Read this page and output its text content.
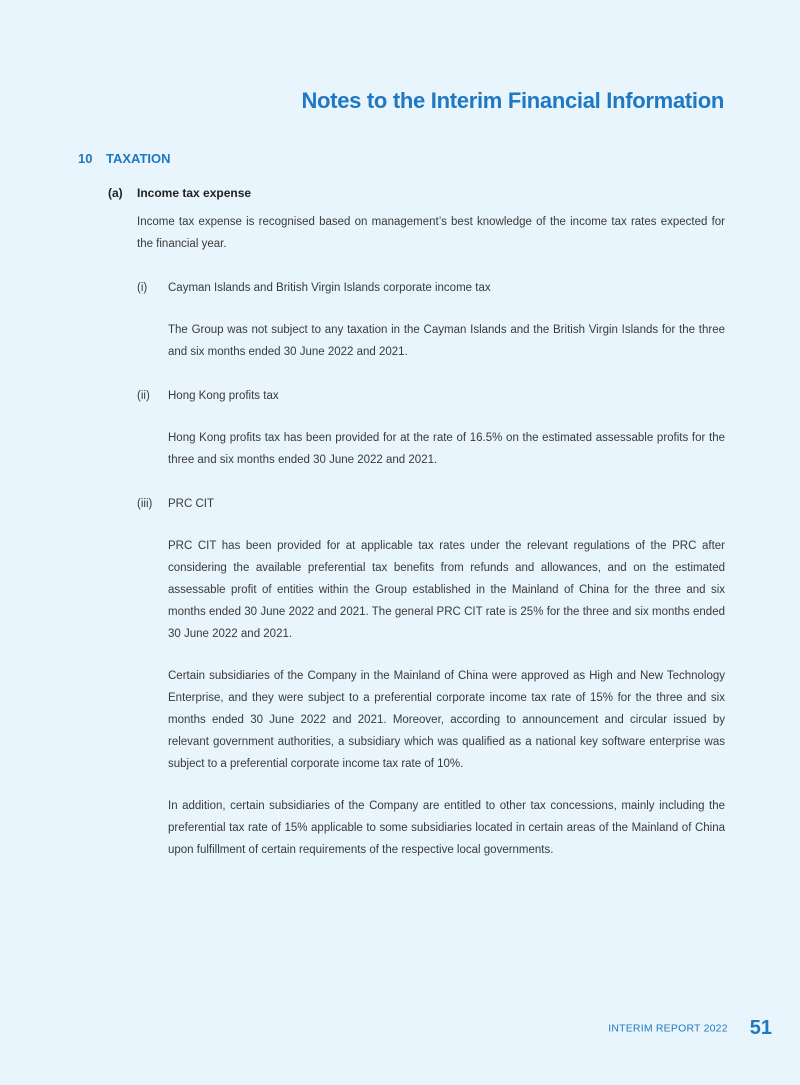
Notes to the Interim Financial Information
10 TAXATION
(a) Income tax expense

Income tax expense is recognised based on management’s best knowledge of the income tax rates expected for the financial year.

(i) Cayman Islands and British Virgin Islands corporate income tax

The Group was not subject to any taxation in the Cayman Islands and the British Virgin Islands for the three and six months ended 30 June 2022 and 2021.

(ii) Hong Kong profits tax

Hong Kong profits tax has been provided for at the rate of 16.5% on the estimated assessable profits for the three and six months ended 30 June 2022 and 2021.

(iii) PRC CIT

PRC CIT has been provided for at applicable tax rates under the relevant regulations of the PRC after considering the available preferential tax benefits from refunds and allowances, and on the estimated assessable profit of entities within the Group established in the Mainland of China for the three and six months ended 30 June 2022 and 2021. The general PRC CIT rate is 25% for the three and six months ended 30 June 2022 and 2021.

Certain subsidiaries of the Company in the Mainland of China were approved as High and New Technology Enterprise, and they were subject to a preferential corporate income tax rate of 15% for the three and six months ended 30 June 2022 and 2021. Moreover, according to announcement and circular issued by relevant government authorities, a subsidiary which was qualified as a national key software enterprise was subject to a preferential corporate income tax rate of 10%.

In addition, certain subsidiaries of the Company are entitled to other tax concessions, mainly including the preferential tax rate of 15% applicable to some subsidiaries located in certain areas of the Mainland of China upon fulfillment of certain requirements of the respective local governments.

INTERIM REPORT 2022 51
